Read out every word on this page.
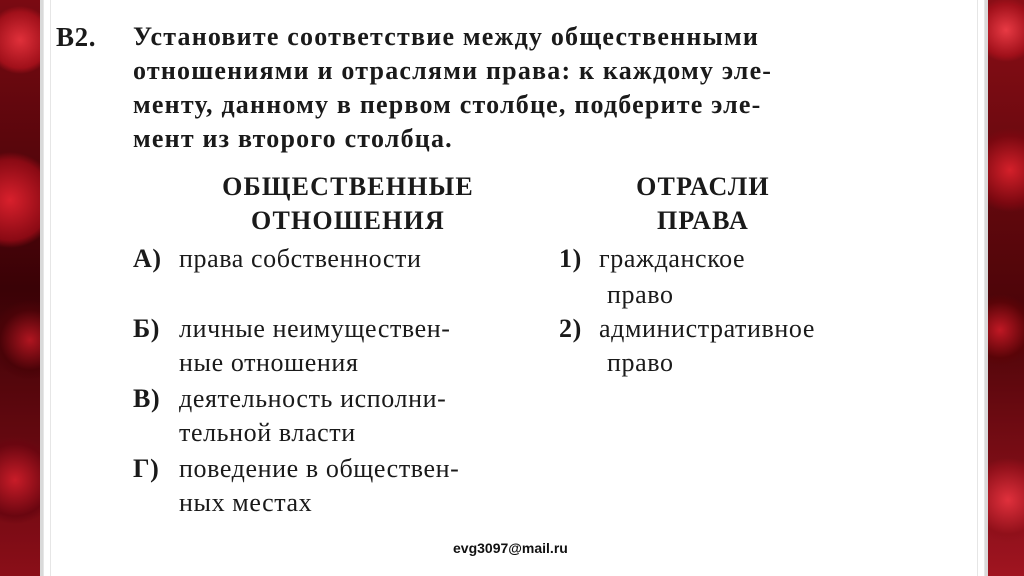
B2. Установите соответствие между общественными
отношениями и отраслями права: к каждому эле-
менту, данному в первом столбце, подберите эле-
мент из второго столбца.
ОБЩЕСТВЕННЫЕ
ОТНОШЕНИЯ
ОТРАСЛИ
ПРАВА
А) права собственности
Б) личные неимуществен-
ные отношения
В) деятельность исполни-
тельной власти
Г) поведение в обществен-
ных местах
1) гражданское
право
2) административное
право
evg3097@mail.ru
